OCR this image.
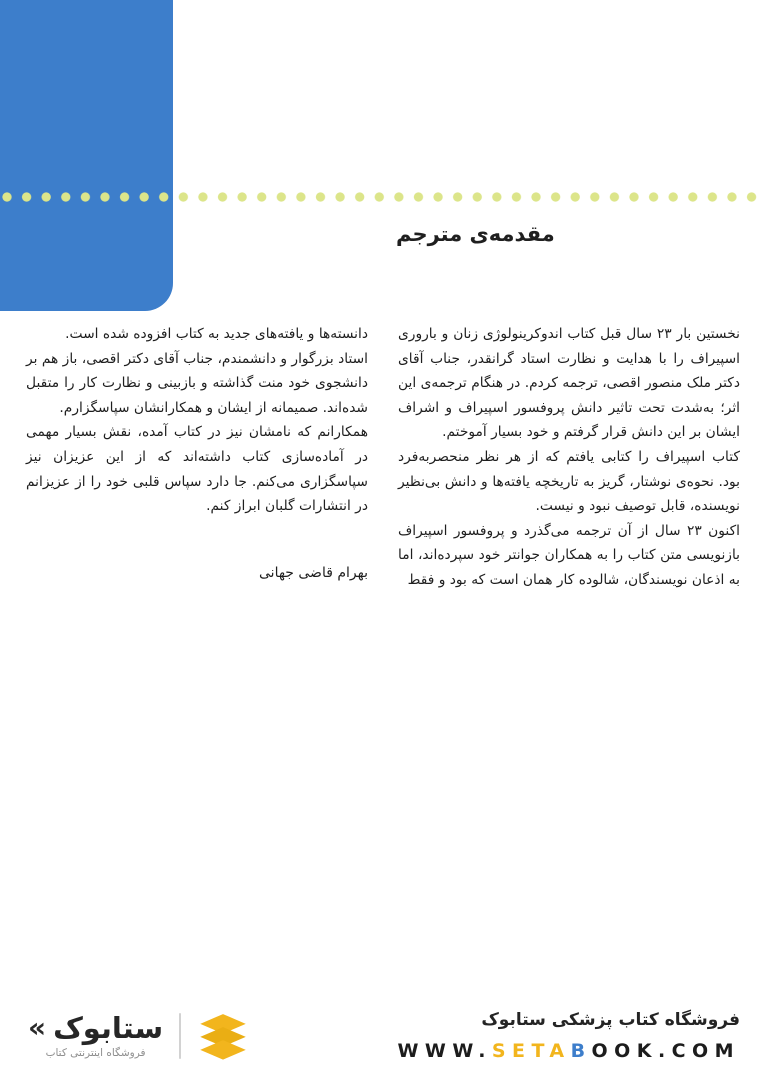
مقدمه‌ی مترجم

نخستین بار ۲۳ سال قبل کتاب اندوکرینولوژی زنان و باروری اسپیراف را با هدایت و نظارت استاد گرانقدر، جناب آقای دکتر ملک منصور اقصی، ترجمه کردم. در هنگام ترجمه‌ی این اثر؛ به‌شدت تحت تاثیر دانش پروفسور اسپیراف و اشراف ایشان بر این دانش قرار گرفتم و خود بسیار آموختم.

کتاب اسپیراف را کتابی یافتم که از هر نظر منحصربه‌فرد بود. نحوه‌ی نوشتار، گریز به تاریخچه یافته‌ها و دانش بی‌نظیر نویسنده، قابل توصیف نبود و نیست.

اکنون ۲۳ سال از آن ترجمه می‌گذرد و پروفسور اسپیراف بازنویسی متن کتاب را به همکاران جوانتر خود سپرده‌اند، اما به اذعان نویسندگان، شالوده کار همان است که بود و فقط

دانسته‌ها و یافته‌های جدید به کتاب افزوده شده است.

استاد بزرگوار و دانشمندم، جناب آقای دکتر اقصی، باز هم بر دانشجوی خود منت گذاشته و بازبینی و نظارت کار را متقبل شده‌اند. صمیمانه از ایشان و همکارانشان سپاسگزارم.

همکارانم که نامشان نیز در کتاب آمده، نقش بسیار مهمی در آماده‌سازی کتاب داشته‌اند که از این عزیزان نیز سپاسگزاری می‌کنم. جا دارد سپاس قلبی خود را از عزیزانم در انتشارات گلبان ابراز کنم.

بهرام قاضی جهانی
« ستابوک
فروشگاه اینترنتی کتاب
فروشگاه کتاب پزشکی ستابوک
WWW.SETABOOK.COM
